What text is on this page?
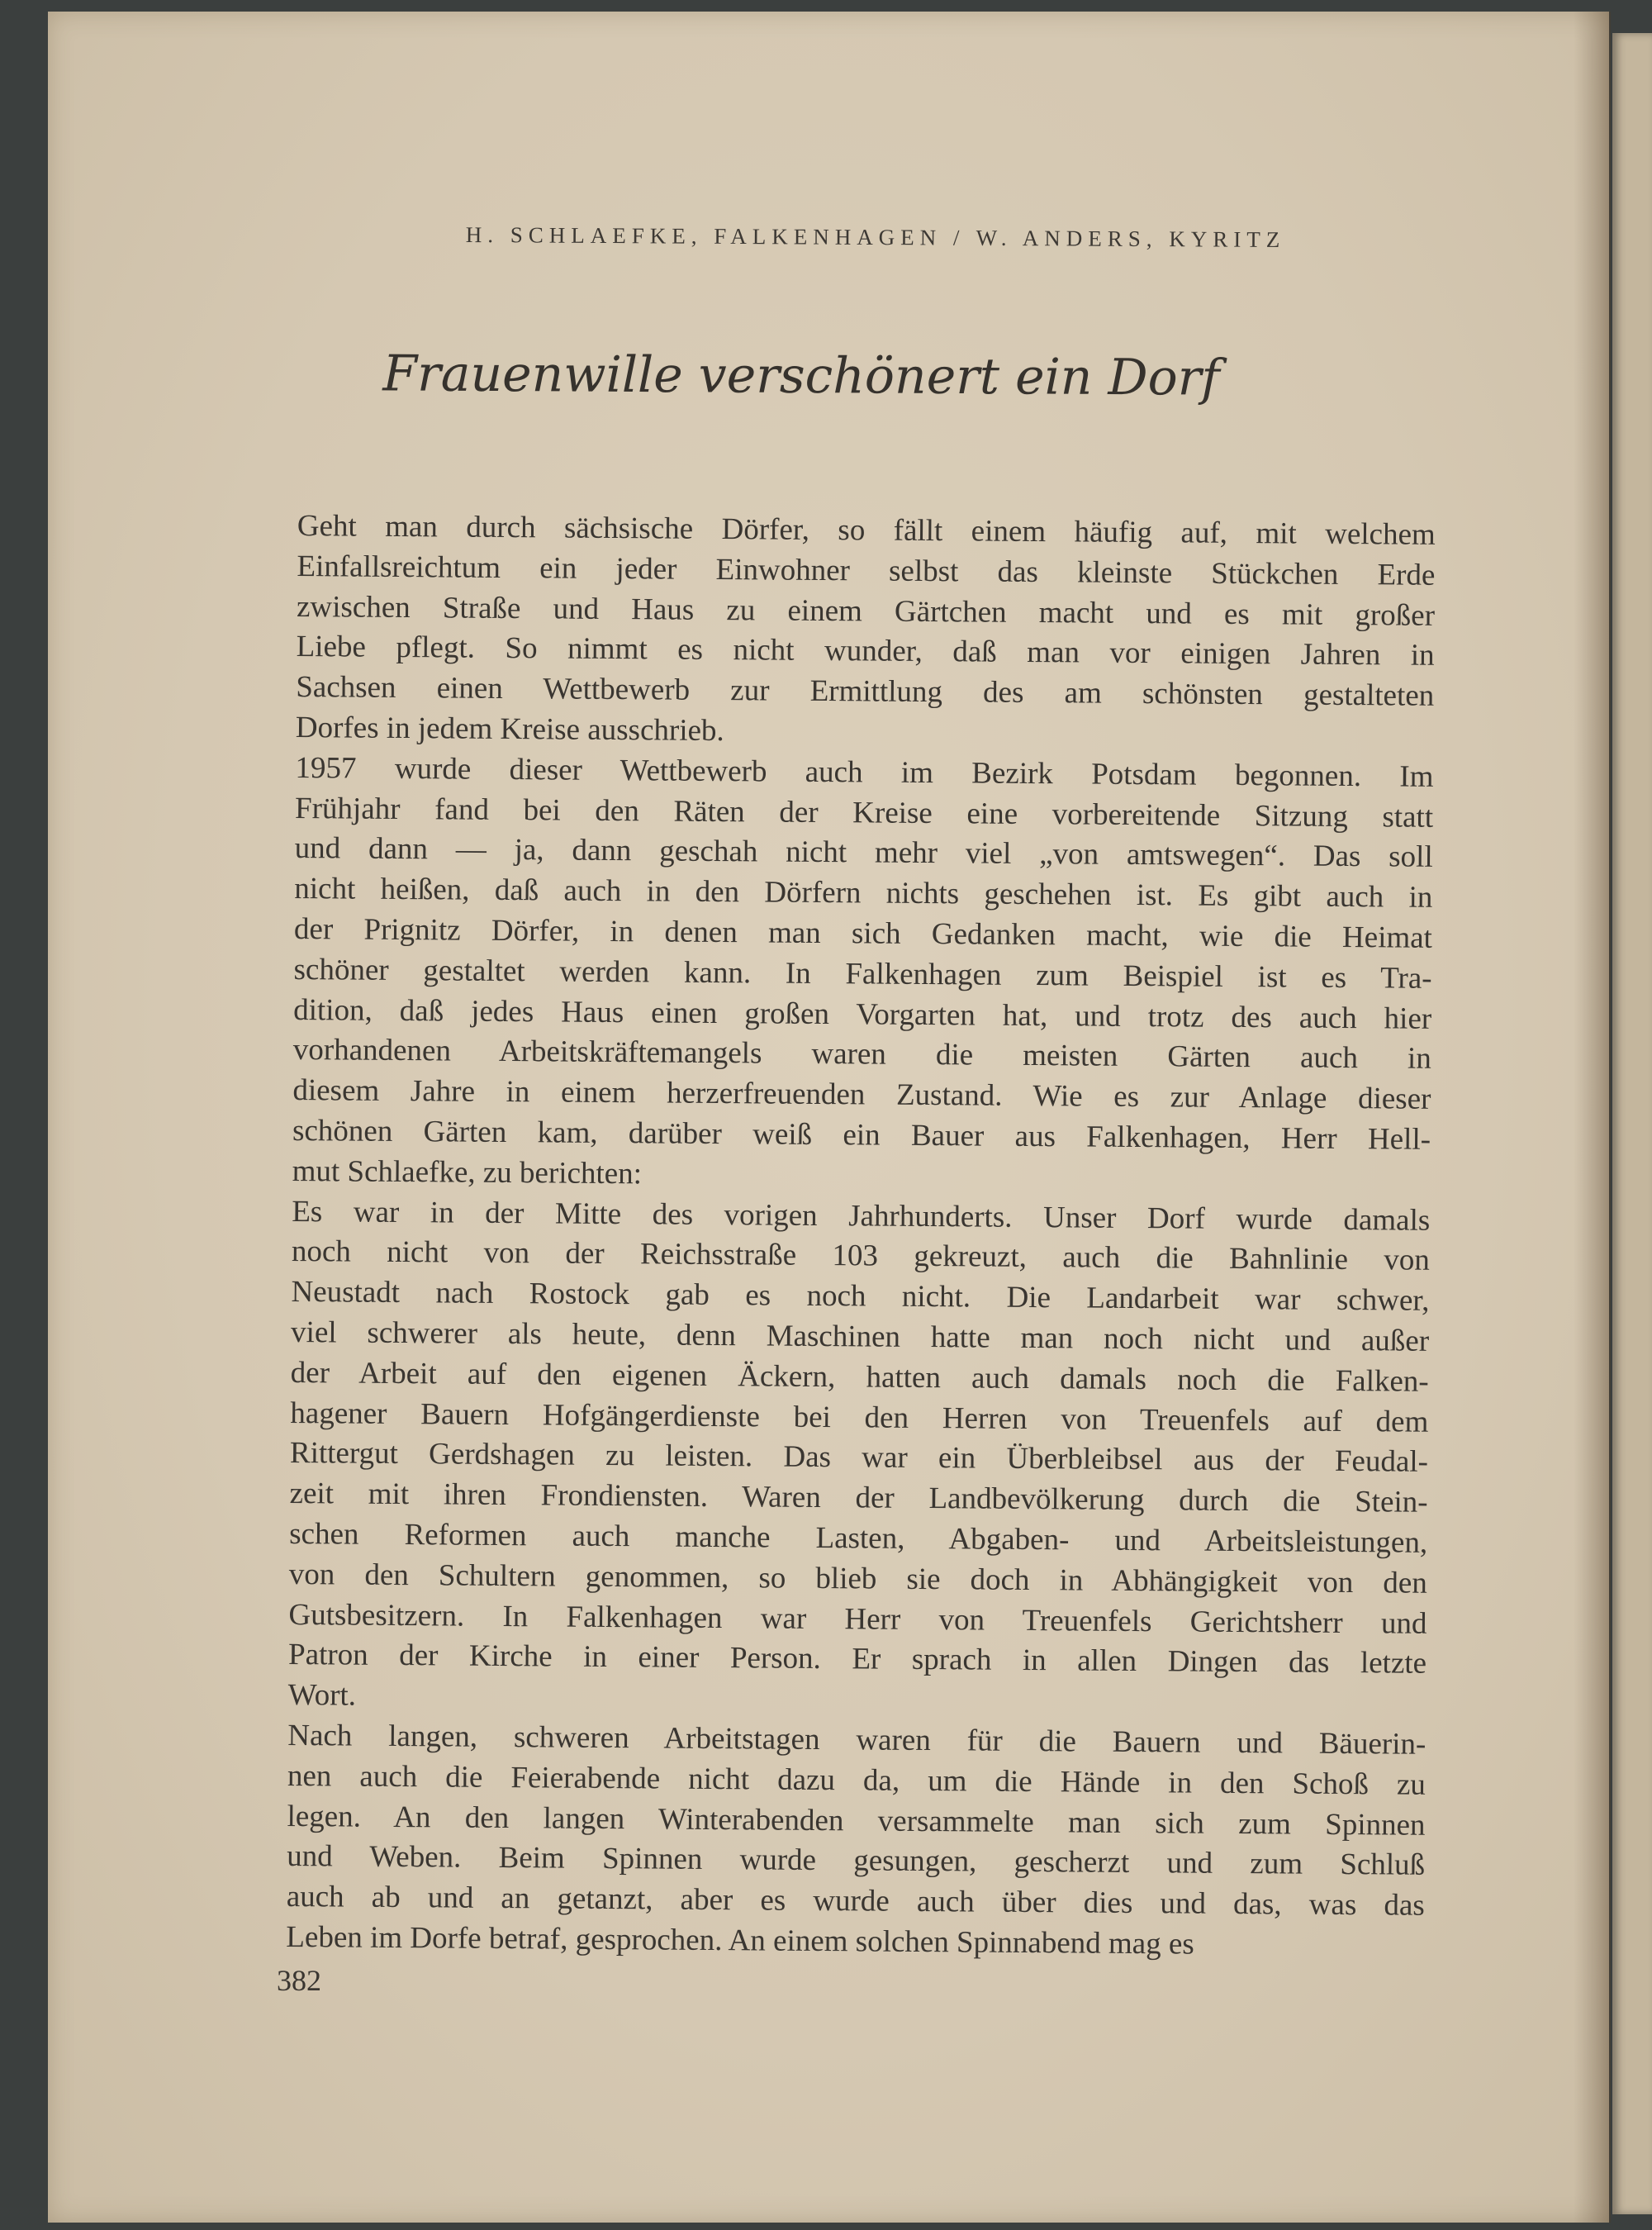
H. SCHLAEFKE, FALKENHAGEN / W. ANDERS, KYRITZ
Frauenwille verschönert ein Dorf
Geht man durch sächsische Dörfer, so fällt einem häufig auf, mit welchem
Einfallsreichtum ein jeder Einwohner selbst das kleinste Stückchen Erde
zwischen Straße und Haus zu einem Gärtchen macht und es mit großer
Liebe pflegt. So nimmt es nicht wunder, daß man vor einigen Jahren in
Sachsen einen Wettbewerb zur Ermittlung des am schönsten gestalteten
Dorfes in jedem Kreise ausschrieb.
1957 wurde dieser Wettbewerb auch im Bezirk Potsdam begonnen. Im
Frühjahr fand bei den Räten der Kreise eine vorbereitende Sitzung statt
und dann — ja, dann geschah nicht mehr viel „von amtswegen“. Das soll
nicht heißen, daß auch in den Dörfern nichts geschehen ist. Es gibt auch in
der Prignitz Dörfer, in denen man sich Gedanken macht, wie die Heimat
schöner gestaltet werden kann. In Falkenhagen zum Beispiel ist es Tra-
dition, daß jedes Haus einen großen Vorgarten hat, und trotz des auch hier
vorhandenen Arbeitskräftemangels waren die meisten Gärten auch in
diesem Jahre in einem herzerfreuenden Zustand. Wie es zur Anlage dieser
schönen Gärten kam, darüber weiß ein Bauer aus Falkenhagen, Herr Hell-
mut Schlaefke, zu berichten:
Es war in der Mitte des vorigen Jahrhunderts. Unser Dorf wurde damals
noch nicht von der Reichsstraße 103 gekreuzt, auch die Bahnlinie von
Neustadt nach Rostock gab es noch nicht. Die Landarbeit war schwer,
viel schwerer als heute, denn Maschinen hatte man noch nicht und außer
der Arbeit auf den eigenen Äckern, hatten auch damals noch die Falken-
hagener Bauern Hofgängerdienste bei den Herren von Treuenfels auf dem
Rittergut Gerdshagen zu leisten. Das war ein Überbleibsel aus der Feudal-
zeit mit ihren Frondiensten. Waren der Landbevölkerung durch die Stein-
schen Reformen auch manche Lasten, Abgaben- und Arbeitsleistungen,
von den Schultern genommen, so blieb sie doch in Abhängigkeit von den
Gutsbesitzern. In Falkenhagen war Herr von Treuenfels Gerichtsherr und
Patron der Kirche in einer Person. Er sprach in allen Dingen das letzte
Wort.
Nach langen, schweren Arbeitstagen waren für die Bauern und Bäuerin-
nen auch die Feierabende nicht dazu da, um die Hände in den Schoß zu
legen. An den langen Winterabenden versammelte man sich zum Spinnen
und Weben. Beim Spinnen wurde gesungen, gescherzt und zum Schluß
auch ab und an getanzt, aber es wurde auch über dies und das, was das
Leben im Dorfe betraf, gesprochen. An einem solchen Spinnabend mag es
382
